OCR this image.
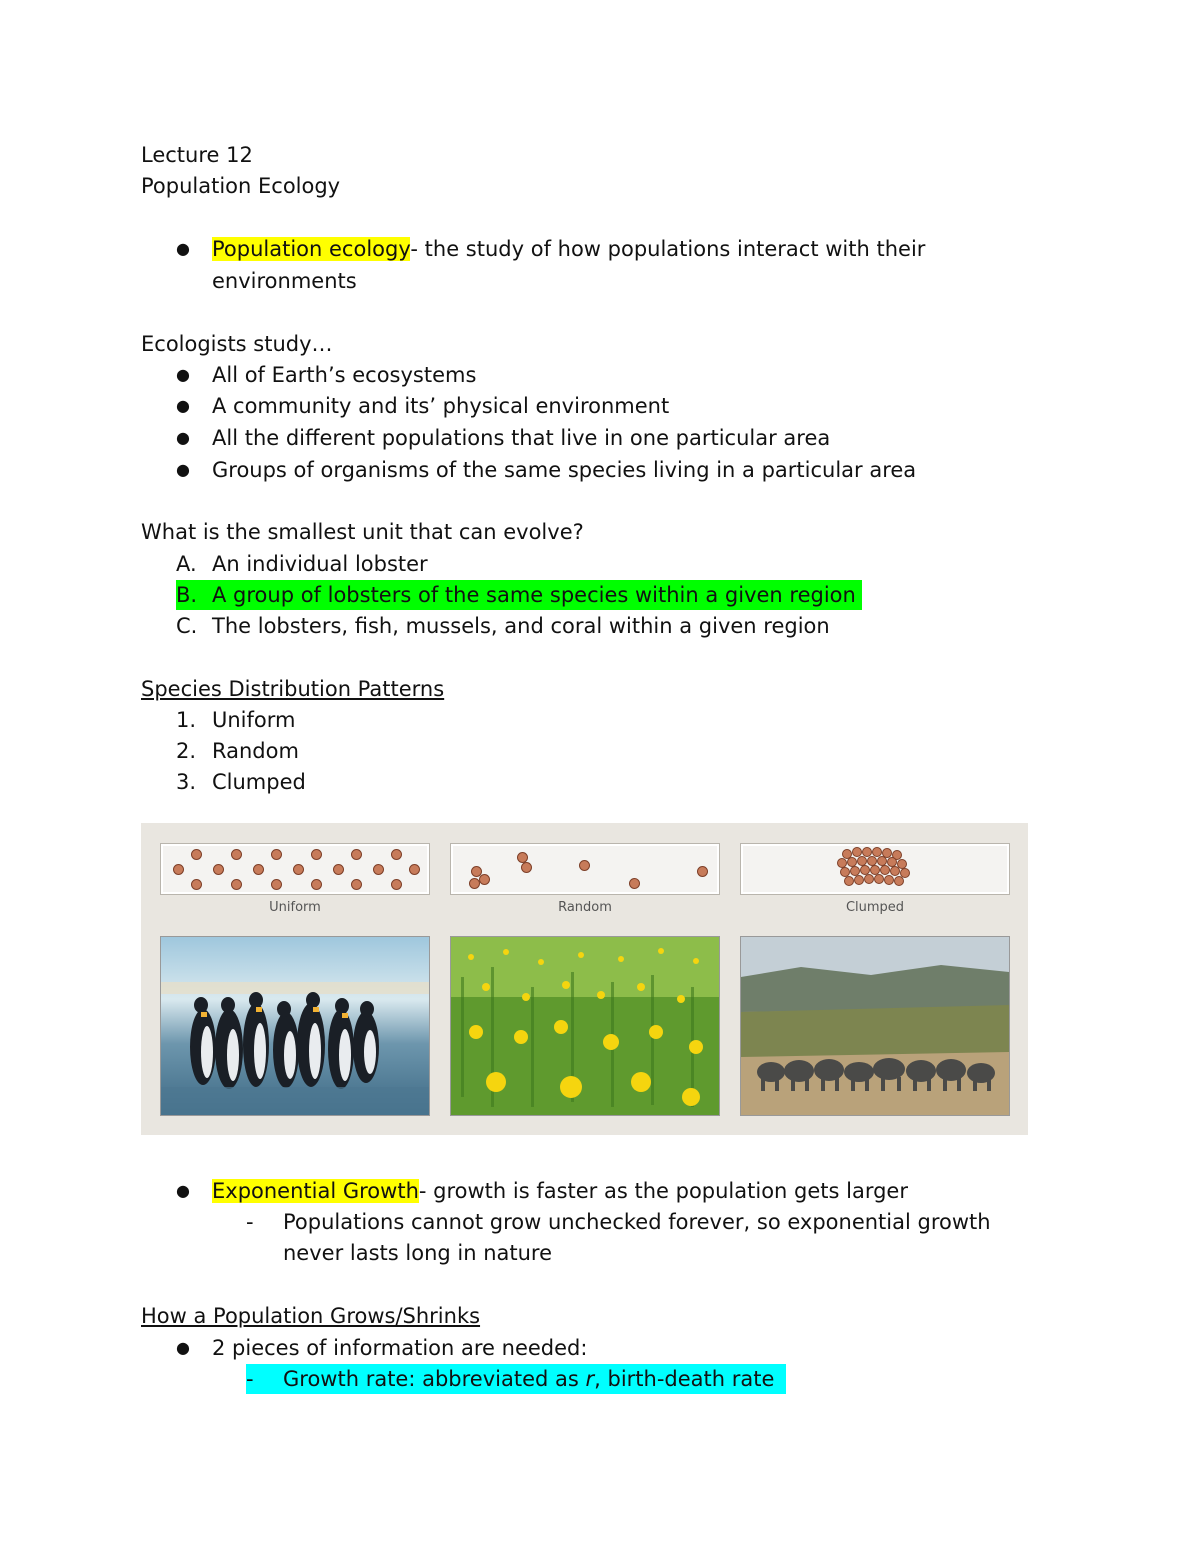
Lecture 12
Population Ecology
● Population ecology- the study of how populations interact with their
environments
Ecologists study…
● All of Earth’s ecosystems
● A community and its’ physical environment
● All the different populations that live in one particular area
● Groups of organisms of the same species living in a particular area
What is the smallest unit that can evolve?
A. An individual lobster
B. A group of lobsters of the same species within a given region
C. The lobsters, fish, mussels, and coral within a given region
Species Distribution Patterns
1. Uniform
2. Random
3. Clumped
Uniform	Random	Clumped
● Exponential Growth- growth is faster as the population gets larger
- Populations cannot grow unchecked forever, so exponential growth
never lasts long in nature
How a Population Grows/Shrinks
● 2 pieces of information are needed:
- Growth rate: abbreviated as r, birth-death rate
